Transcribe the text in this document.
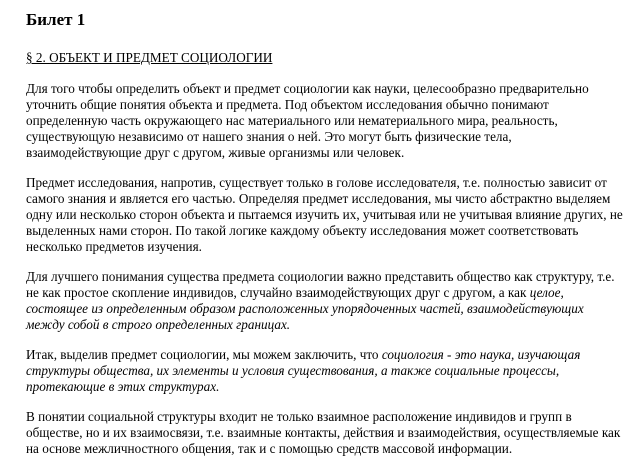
Билет 1

§ 2. ОБЪЕКТ И ПРЕДМЕТ СОЦИОЛОГИИ

Для того чтобы определить объект и предмет социологии как науки, целесообразно предварительно уточнить общие понятия объекта и предмета. Под объектом исследования обычно понимают определенную часть окружающего нас материального или нематериального мира, реальность, существующую независимо от нашего знания о ней. Это могут быть физические тела, взаимодействующие друг с другом, живые организмы или человек.

Предмет исследования, напротив, существует только в голове исследователя, т.е. полностью зависит от самого знания и является его частью. Определяя предмет исследования, мы чисто абстрактно выделяем одну или несколько сторон объекта и пытаемся изучить их, учитывая или не учитывая влияние других, не выделенных нами сторон. По такой логике каждому объекту исследования может соответствовать несколько предметов изучения.

Для лучшего понимания существа предмета социологии важно представить общество как структуру, т.е. не как простое скопление индивидов, случайно взаимодействующих друг с другом, а как целое, состоящее из определенным образом расположенных упорядоченных частей, взаимодействующих между собой в строго определенных границах.

Итак, выделив предмет социологии, мы можем заключить, что социология - это наука, изучающая структуры общества, их элементы и условия существования, а также социальные процессы, протекающие в этих структурах.

В понятии социальной структуры входит не только взаимное расположение индивидов и групп в обществе, но и их взаимосвязи, т.е. взаимные контакты, действия и взаимодействия, осуществляемые как на основе межличностного общения, так и с помощью средств массовой информации.
